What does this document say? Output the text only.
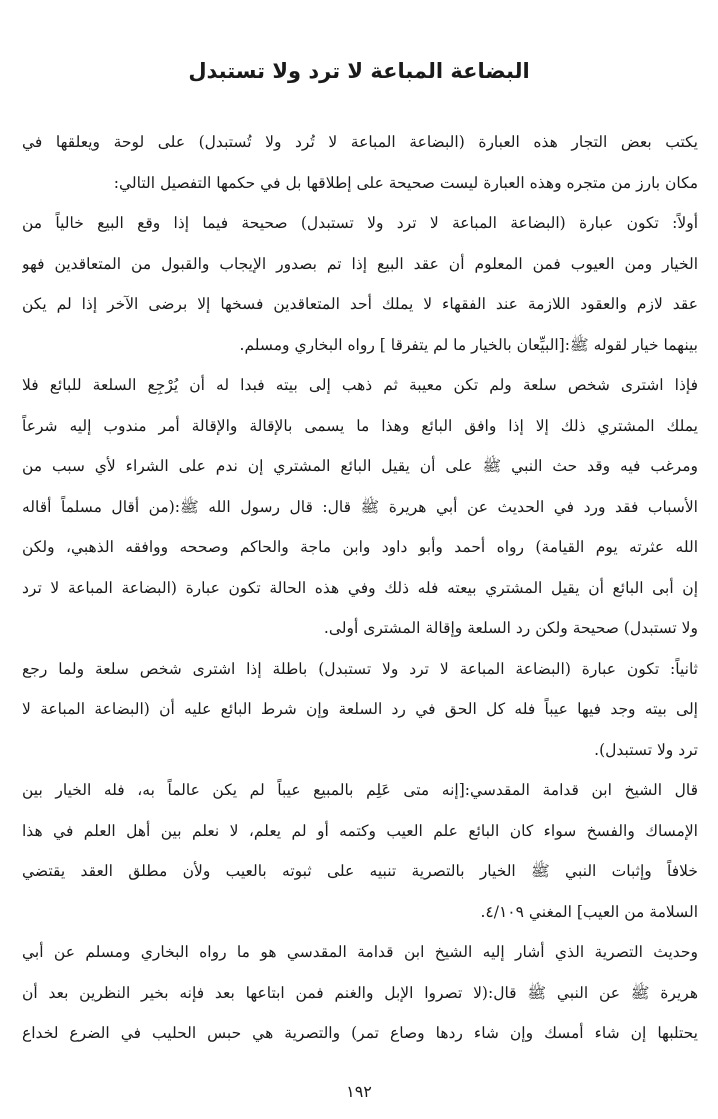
البضاعة المباعة لا ترد ولا تستبدل
يكتب بعض التجار هذه العبارة (البضاعة المباعة لا تُرد ولا تُستبدل) على لوحة ويعلقها في
مكان بارز من متجره وهذه العبارة ليست صحيحة على إطلاقها بل في حكمها التفصيل التالي:
أولاً: تكون عبارة (البضاعة المباعة لا ترد ولا تستبدل) صحيحة فيما إذا وقع البيع خالياً من
الخيار ومن العيوب فمن المعلوم أن عقد البيع إذا تم بصدور الإيجاب والقبول من المتعاقدين فهو
عقد لازم والعقود اللازمة عند الفقهاء لا يملك أحد المتعاقدين فسخها إلا برضى الآخر إذا لم يكن
بينهما خيار لقوله ﷺ:[البيِّعان بالخيار ما لم يتفرقا ] رواه البخاري ومسلم.
فإذا اشترى شخص سلعة ولم تكن معيبة ثم ذهب إلى بيته فبدا له أن يُرْجِع السلعة للبائع فلا
يملك المشتري ذلك إلا إذا وافق البائع وهذا ما يسمى بالإقالة والإقالة أمر مندوب إليه شرعاً
ومرغب فيه وقد حث النبي ﷺ على أن يقيل البائع المشتري إن ندم على الشراء لأي سبب من
الأسباب فقد ورد في الحديث عن أبي هريرة ﷺ قال: قال رسول الله ﷺ:(من أقال مسلماً أقاله
الله عثرته يوم القيامة) رواه أحمد وأبو داود وابن ماجة والحاكم وصححه ووافقه الذهبي، ولكن
إن أبى البائع أن يقيل المشتري بيعته فله ذلك وفي هذه الحالة تكون عبارة (البضاعة المباعة لا ترد
ولا تستبدل) صحيحة ولكن رد السلعة وإقالة المشترى أولى.
ثانياً: تكون عبارة (البضاعة المباعة لا ترد ولا تستبدل) باطلة إذا اشترى شخص سلعة ولما رجع
إلى بيته وجد فيها عيباً فله كل الحق في رد السلعة وإن شرط البائع عليه أن (البضاعة المباعة لا
ترد ولا تستبدل).
قال الشيخ ابن قدامة المقدسي:[إنه متى عَلِم بالمبيع عيباً لم يكن عالماً به، فله الخيار بين
الإمساك والفسخ سواء كان البائع علم العيب وكتمه أو لم يعلم، لا نعلم بين أهل العلم في هذا
خلافاً وإثبات النبي ﷺ الخيار بالتصرية تنبيه على ثبوته بالعيب ولأن مطلق العقد يقتضي
السلامة من العيب] المغني ٤/١٠٩.
وحديث التصرية الذي أشار إليه الشيخ ابن قدامة المقدسي هو ما رواه البخاري ومسلم عن أبي
هريرة ﷺ عن النبي ﷺ قال:(لا تصروا الإبل والغنم فمن ابتاعها بعد فإنه بخير النظرين بعد أن
يحتلبها إن شاء أمسك وإن شاء ردها وصاع تمر) والتصرية هي حبس الحليب في الضرع لخداع
١٩٢
